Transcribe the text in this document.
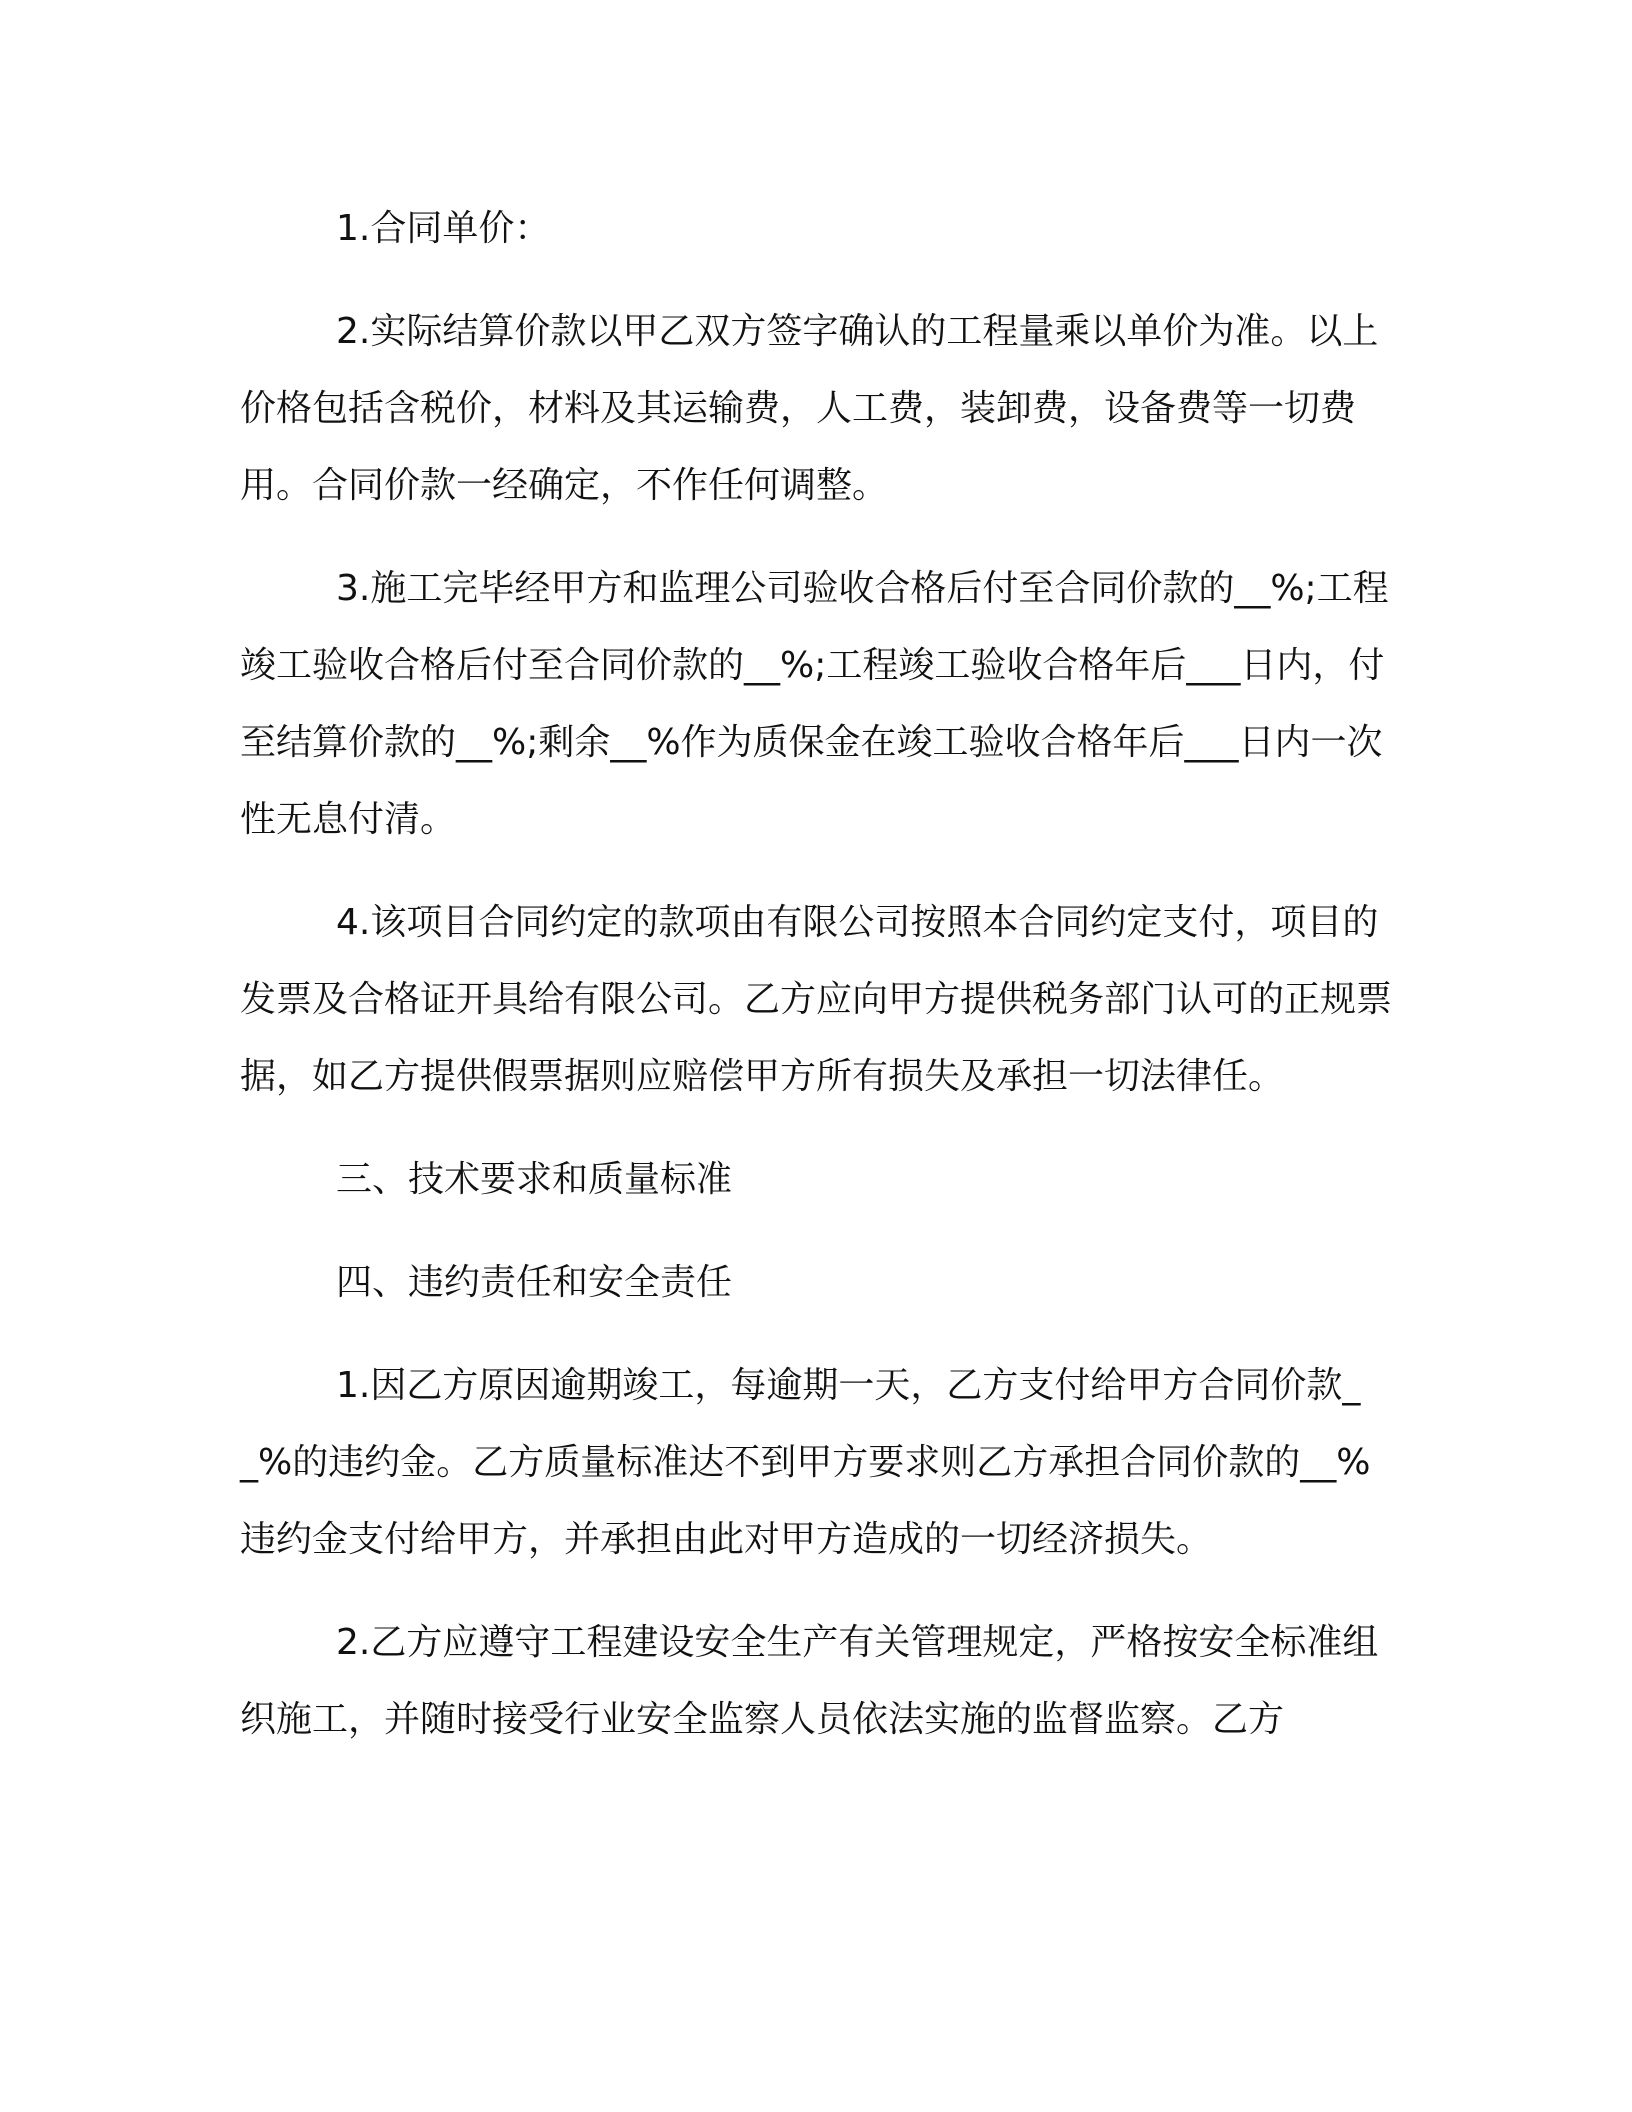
1.合同单价：

2.实际结算价款以甲乙双方签字确认的工程量乘以单价为准。以上价格包括含税价，材料及其运输费，人工费，装卸费，设备费等一切费用。合同价款一经确定，不作任何调整。

3.施工完毕经甲方和监理公司验收合格后付至合同价款的__%;工程竣工验收合格后付至合同价款的__%;工程竣工验收合格年后___日内，付至结算价款的__%;剩余__%作为质保金在竣工验收合格年后___日内一次性无息付清。

4.该项目合同约定的款项由有限公司按照本合同约定支付，项目的发票及合格证开具给有限公司。乙方应向甲方提供税务部门认可的正规票据，如乙方提供假票据则应赔偿甲方所有损失及承担一切法律任。

三、技术要求和质量标准

四、违约责任和安全责任

1.因乙方原因逾期竣工，每逾期一天，乙方支付给甲方合同价款__%的违约金。乙方质量标准达不到甲方要求则乙方承担合同价款的__%违约金支付给甲方，并承担由此对甲方造成的一切经济损失。

2.乙方应遵守工程建设安全生产有关管理规定，严格按安全标准组织施工，并随时接受行业安全监察人员依法实施的监督监察。乙方
